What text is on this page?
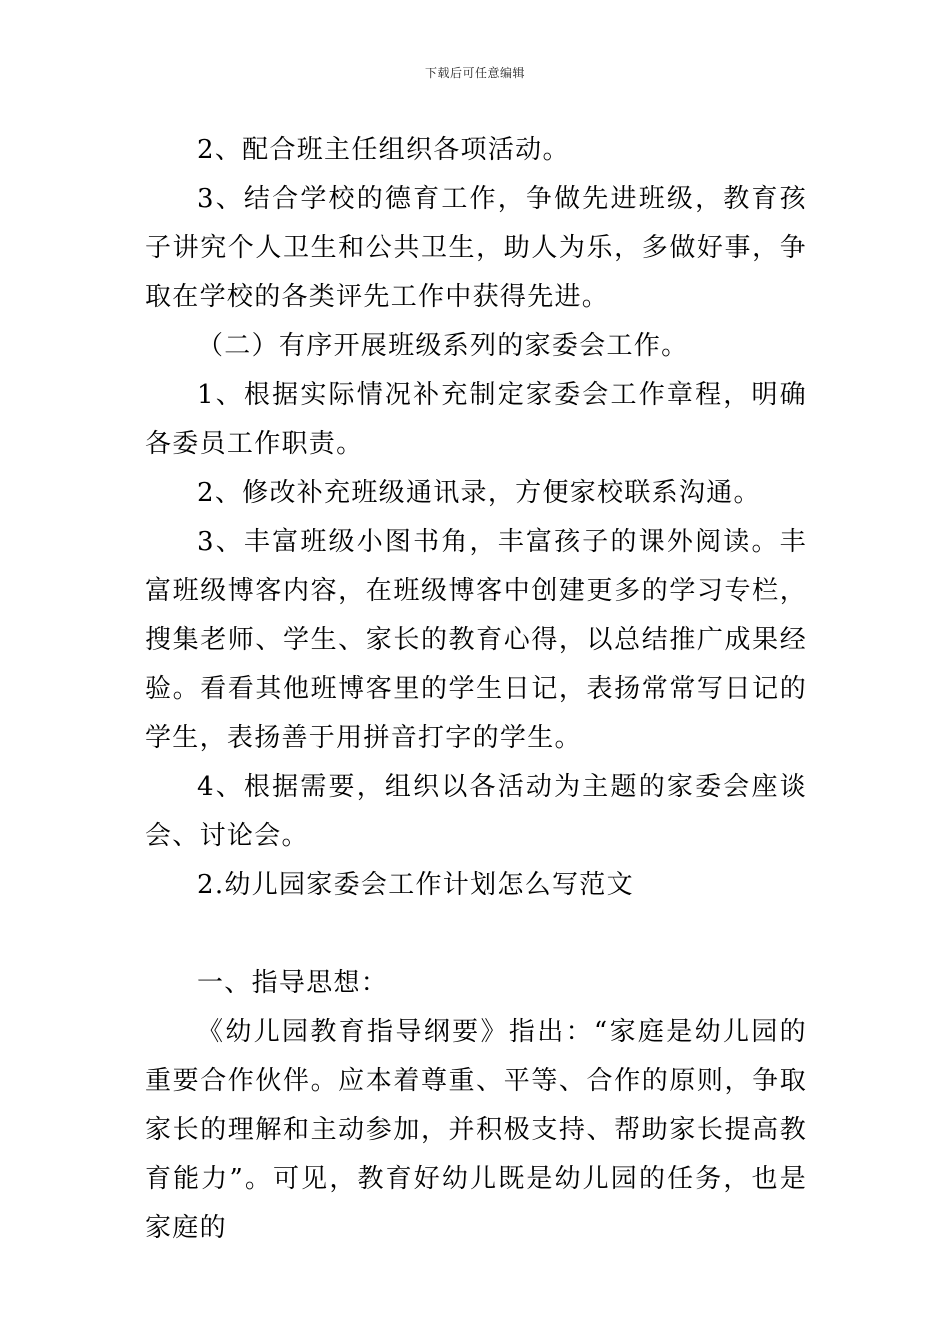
下载后可任意编辑

2、配合班主任组织各项活动。

3、结合学校的德育工作，争做先进班级，教育孩子讲究个人卫生和公共卫生，助人为乐，多做好事，争取在学校的各类评先工作中获得先进。

（二）有序开展班级系列的家委会工作。

1、根据实际情况补充制定家委会工作章程，明确各委员工作职责。

2、修改补充班级通讯录，方便家校联系沟通。

3、丰富班级小图书角，丰富孩子的课外阅读。丰富班级博客内容，在班级博客中创建更多的学习专栏，搜集老师、学生、家长的教育心得，以总结推广成果经验。看看其他班博客里的学生日记，表扬常常写日记的学生，表扬善于用拼音打字的学生。

4、根据需要，组织以各活动为主题的家委会座谈会、讨论会。

2.幼儿园家委会工作计划怎么写范文

一、指导思想：

《幼儿园教育指导纲要》指出：“家庭是幼儿园的重要合作伙伴。应本着尊重、平等、合作的原则，争取家长的理解和主动参加，并积极支持、帮助家长提高教育能力”。可见，教育好幼儿既是幼儿园的任务，也是家庭的
